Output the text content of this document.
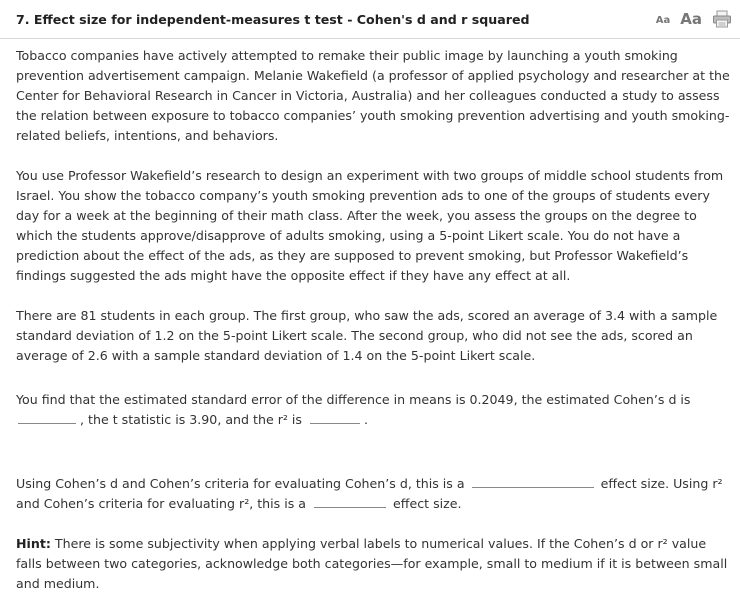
7. Effect size for independent-measures t test - Cohen's d and r squared	Aa Aa

Tobacco companies have actively attempted to remake their public image by launching a youth smoking prevention advertisement campaign. Melanie Wakefield (a professor of applied psychology and researcher at the Center for Behavioral Research in Cancer in Victoria, Australia) and her colleagues conducted a study to assess the relation between exposure to tobacco companies’ youth smoking prevention advertising and youth smoking-related beliefs, intentions, and behaviors.

You use Professor Wakefield’s research to design an experiment with two groups of middle school students from Israel. You show the tobacco company’s youth smoking prevention ads to one of the groups of students every day for a week at the beginning of their math class. After the week, you assess the groups on the degree to which the students approve/disapprove of adults smoking, using a 5-point Likert scale. You do not have a prediction about the effect of the ads, as they are supposed to prevent smoking, but Professor Wakefield’s findings suggested the ads might have the opposite effect if they have any effect at all.

There are 81 students in each group. The first group, who saw the ads, scored an average of 3.4 with a sample standard deviation of 1.2 on the 5-point Likert scale. The second group, who did not see the ads, scored an average of 2.6 with a sample standard deviation of 1.4 on the 5-point Likert scale.

You find that the estimated standard error of the difference in means is 0.2049, the estimated Cohen’s d is
, the t statistic is 3.90, and the r² is	.

Using Cohen’s d and Cohen’s criteria for evaluating Cohen’s d, this is a	effect size. Using r² and Cohen’s criteria for evaluating r², this is a	effect size.

Hint: There is some subjectivity when applying verbal labels to numerical values. If the Cohen’s d or r² value falls between two categories, acknowledge both categories—for example, small to medium if it is between small and medium.
